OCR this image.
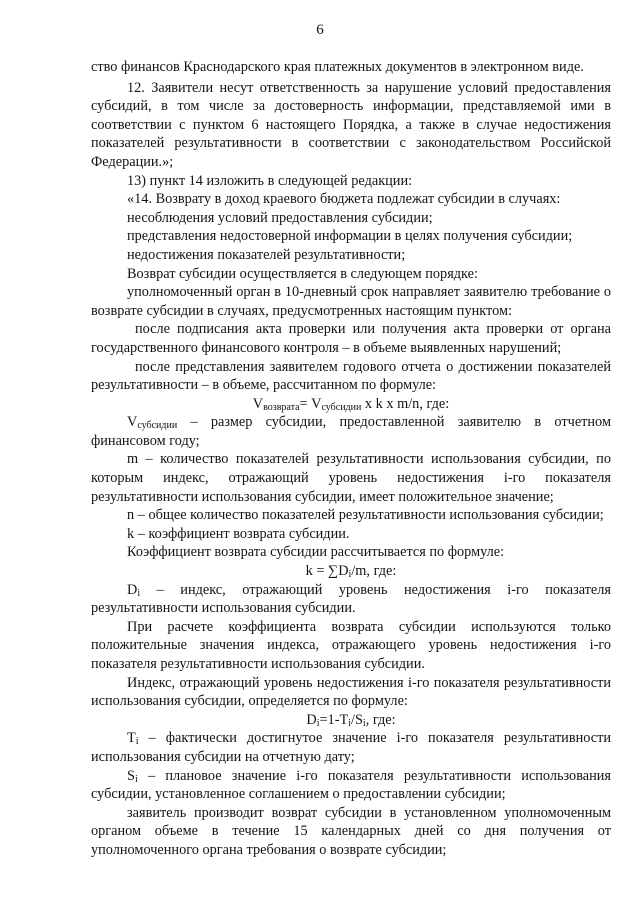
6

ство финансов Краснодарского края платежных документов в электронном виде.

12. Заявители несут ответственность за нарушение условий предоставления субсидий, в том числе за достоверность информации, представляемой ими в соответствии с пунктом 6 настоящего Порядка, а также в случае недостижения показателей результативности в соответствии с законодательством Российской Федерации.»;

13) пункт 14 изложить в следующей редакции:

«14. Возврату в доход краевого бюджета подлежат субсидии в случаях:

несоблюдения условий предоставления субсидии;

представления недостоверной информации в целях получения субсидии;

недостижения показателей результативности;

Возврат субсидии осуществляется в следующем порядке:

уполномоченный орган в 10-дневный срок направляет заявителю требование о возврате субсидии в случаях, предусмотренных настоящим пунктом:

после подписания акта проверки или получения акта проверки от органа государственного финансового контроля – в объеме выявленных нарушений;

после представления заявителем годового отчета о достижении показателей результативности – в объеме, рассчитанном по формуле:

$V_{возврата}= V_{субсидии}$ х k х m/n, где:

$V_{субсидии}$ – размер субсидии, предоставленной заявителю в отчетном финансовом году;

m – количество показателей результативности использования субсидии, по которым индекс, отражающий уровень недостижения i-го показателя результативности использования субсидии, имеет положительное значение;

n – общее количество показателей результативности использования субсидии;

k – коэффициент возврата субсидии.

Коэффициент возврата субсидии рассчитывается по формуле:

$k = \sum D_i/m$, где:

$D_i$ – индекс, отражающий уровень недостижения i-го показателя результативности использования субсидии.

При расчете коэффициента возврата субсидии используются только положительные значения индекса, отражающего уровень недостижения i-го показателя результативности использования субсидии.

Индекс, отражающий уровень недостижения i-го показателя результативности использования субсидии, определяется по формуле:

$D_i=1-T_i/S_i$, где:

$T_i$ – фактически достигнутое значение i-го показателя результативности использования субсидии на отчетную дату;

$S_i$ – плановое значение i-го показателя результативности использования субсидии, установленное соглашением о предоставлении субсидии;

заявитель производит возврат субсидии в установленном уполномоченным органом объеме в течение 15 календарных дней со дня получения от уполномоченного органа требования о возврате субсидии;
